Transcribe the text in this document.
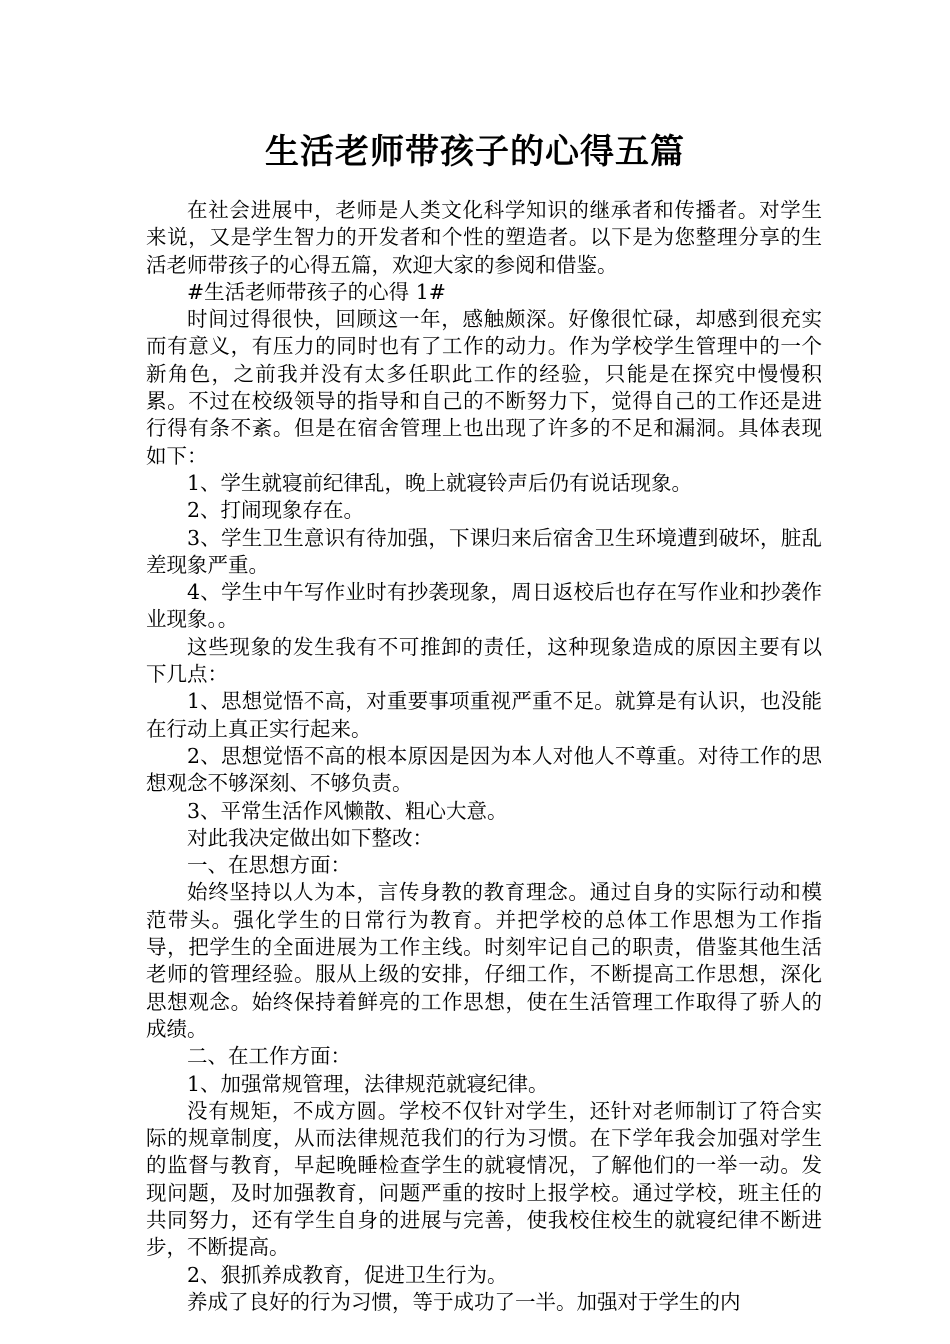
生活老师带孩子的心得五篇

在社会进展中，老师是人类文化科学知识的继承者和传播者。对学生来说，又是学生智力的开发者和个性的塑造者。以下是为您整理分享的生活老师带孩子的心得五篇，欢迎大家的参阅和借鉴。

#生活老师带孩子的心得 1#

时间过得很快，回顾这一年，感触颇深。好像很忙碌，却感到很充实而有意义，有压力的同时也有了工作的动力。作为学校学生管理中的一个新角色，之前我并没有太多任职此工作的经验，只能是在探究中慢慢积累。不过在校级领导的指导和自己的不断努力下，觉得自己的工作还是进行得有条不紊。但是在宿舍管理上也出现了许多的不足和漏洞。具体表现如下：

1、学生就寝前纪律乱，晚上就寝铃声后仍有说话现象。

2、打闹现象存在。

3、学生卫生意识有待加强，下课归来后宿舍卫生环境遭到破坏，脏乱差现象严重。

4、学生中午写作业时有抄袭现象，周日返校后也存在写作业和抄袭作业现象。。

这些现象的发生我有不可推卸的责任，这种现象造成的原因主要有以下几点：

1、思想觉悟不高，对重要事项重视严重不足。就算是有认识，也没能在行动上真正实行起来。

2、思想觉悟不高的根本原因是因为本人对他人不尊重。对待工作的思想观念不够深刻、不够负责。

3、平常生活作风懒散、粗心大意。

对此我决定做出如下整改：

一、在思想方面：

始终坚持以人为本，言传身教的教育理念。通过自身的实际行动和模范带头。强化学生的日常行为教育。并把学校的总体工作思想为工作指导，把学生的全面进展为工作主线。时刻牢记自己的职责，借鉴其他生活老师的管理经验。服从上级的安排，仔细工作，不断提高工作思想，深化思想观念。始终保持着鲜亮的工作思想，使在生活管理工作取得了骄人的成绩。

二、在工作方面：

1、加强常规管理，法律规范就寝纪律。

没有规矩，不成方圆。学校不仅针对学生，还针对老师制订了符合实际的规章制度，从而法律规范我们的行为习惯。在下学年我会加强对学生的监督与教育，早起晚睡检查学生的就寝情况，了解他们的一举一动。发现问题，及时加强教育，问题严重的按时上报学校。通过学校，班主任的共同努力，还有学生自身的进展与完善，使我校住校生的就寝纪律不断进步，不断提高。

2、狠抓养成教育，促进卫生行为。

养成了良好的行为习惯，等于成功了一半。加强对于学生的内
